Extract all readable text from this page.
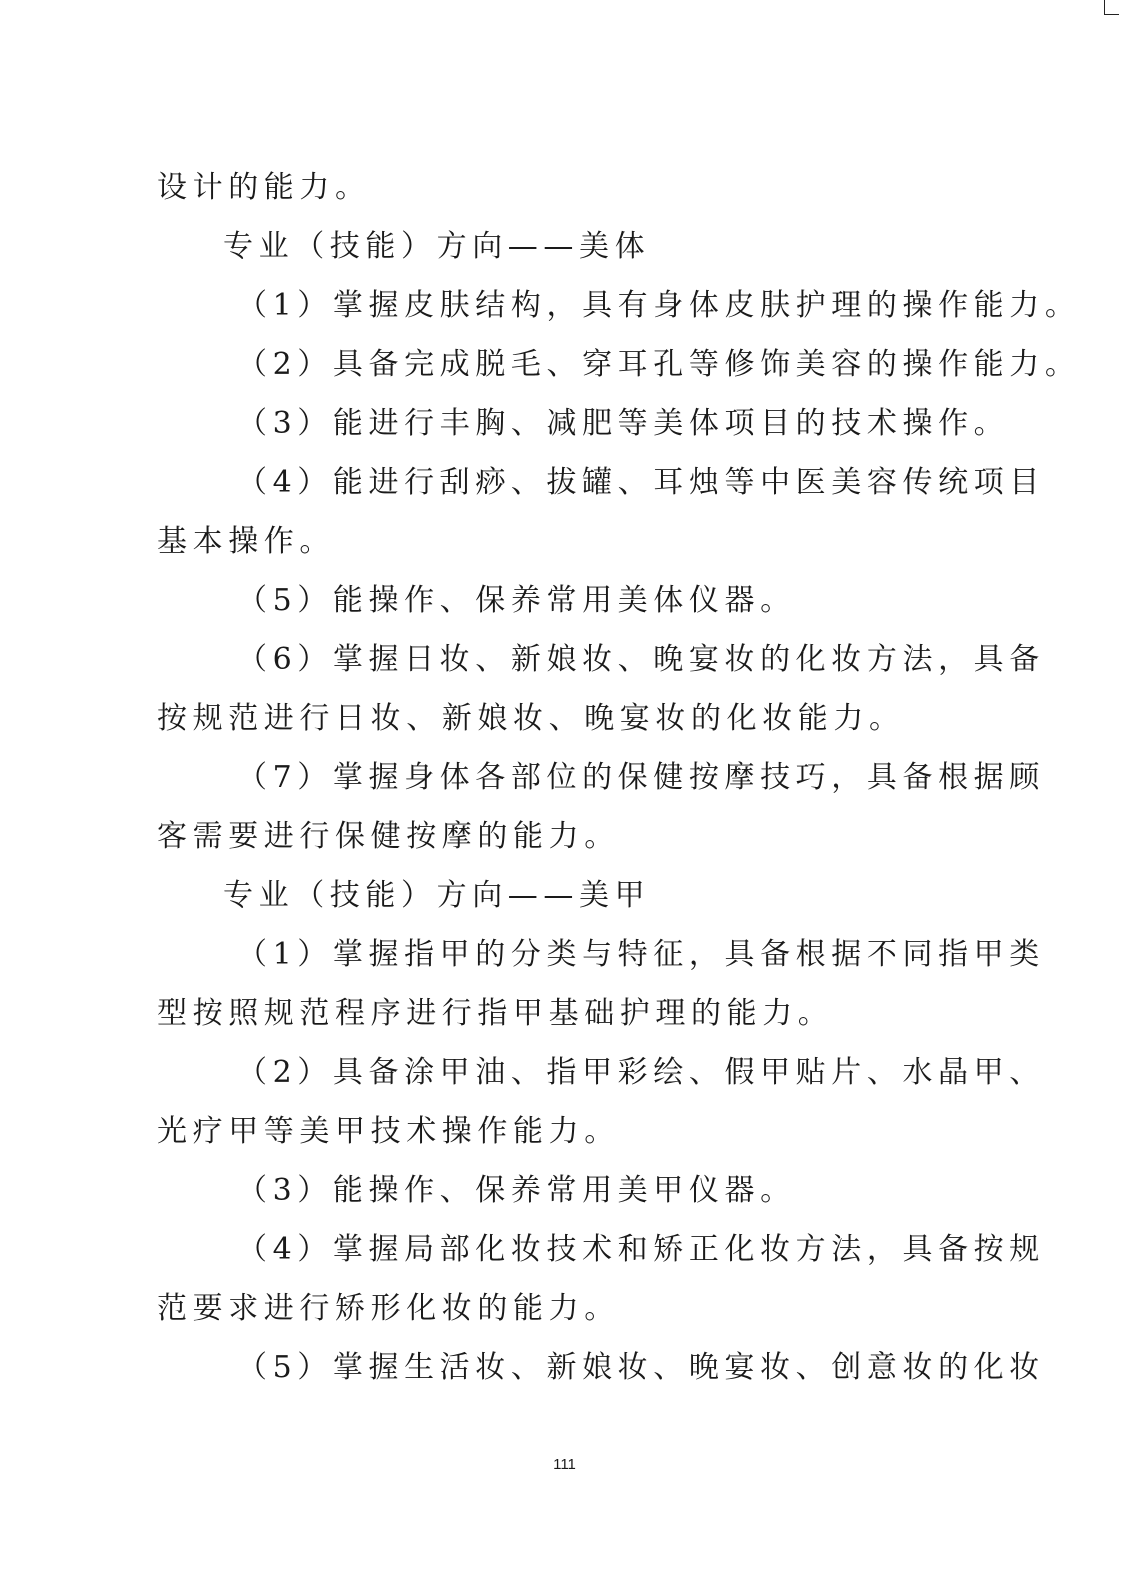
设计的能力。
专业（技能）方向——美体
（1）掌握皮肤结构，具有身体皮肤护理的操作能力。
（2）具备完成脱毛、穿耳孔等修饰美容的操作能力。
（3）能进行丰胸、减肥等美体项目的技术操作。
（4）能进行刮痧、拔罐、耳烛等中医美容传统项目
基本操作。
（5）能操作、保养常用美体仪器。
（6）掌握日妆、新娘妆、晚宴妆的化妆方法，具备
按规范进行日妆、新娘妆、晚宴妆的化妆能力。
（7）掌握身体各部位的保健按摩技巧，具备根据顾
客需要进行保健按摩的能力。
专业（技能）方向——美甲
（1）掌握指甲的分类与特征，具备根据不同指甲类
型按照规范程序进行指甲基础护理的能力。
（2）具备涂甲油、指甲彩绘、假甲贴片、水晶甲、
光疗甲等美甲技术操作能力。
（3）能操作、保养常用美甲仪器。
（4）掌握局部化妆技术和矫正化妆方法，具备按规
范要求进行矫形化妆的能力。
（5）掌握生活妆、新娘妆、晚宴妆、创意妆的化妆
111
